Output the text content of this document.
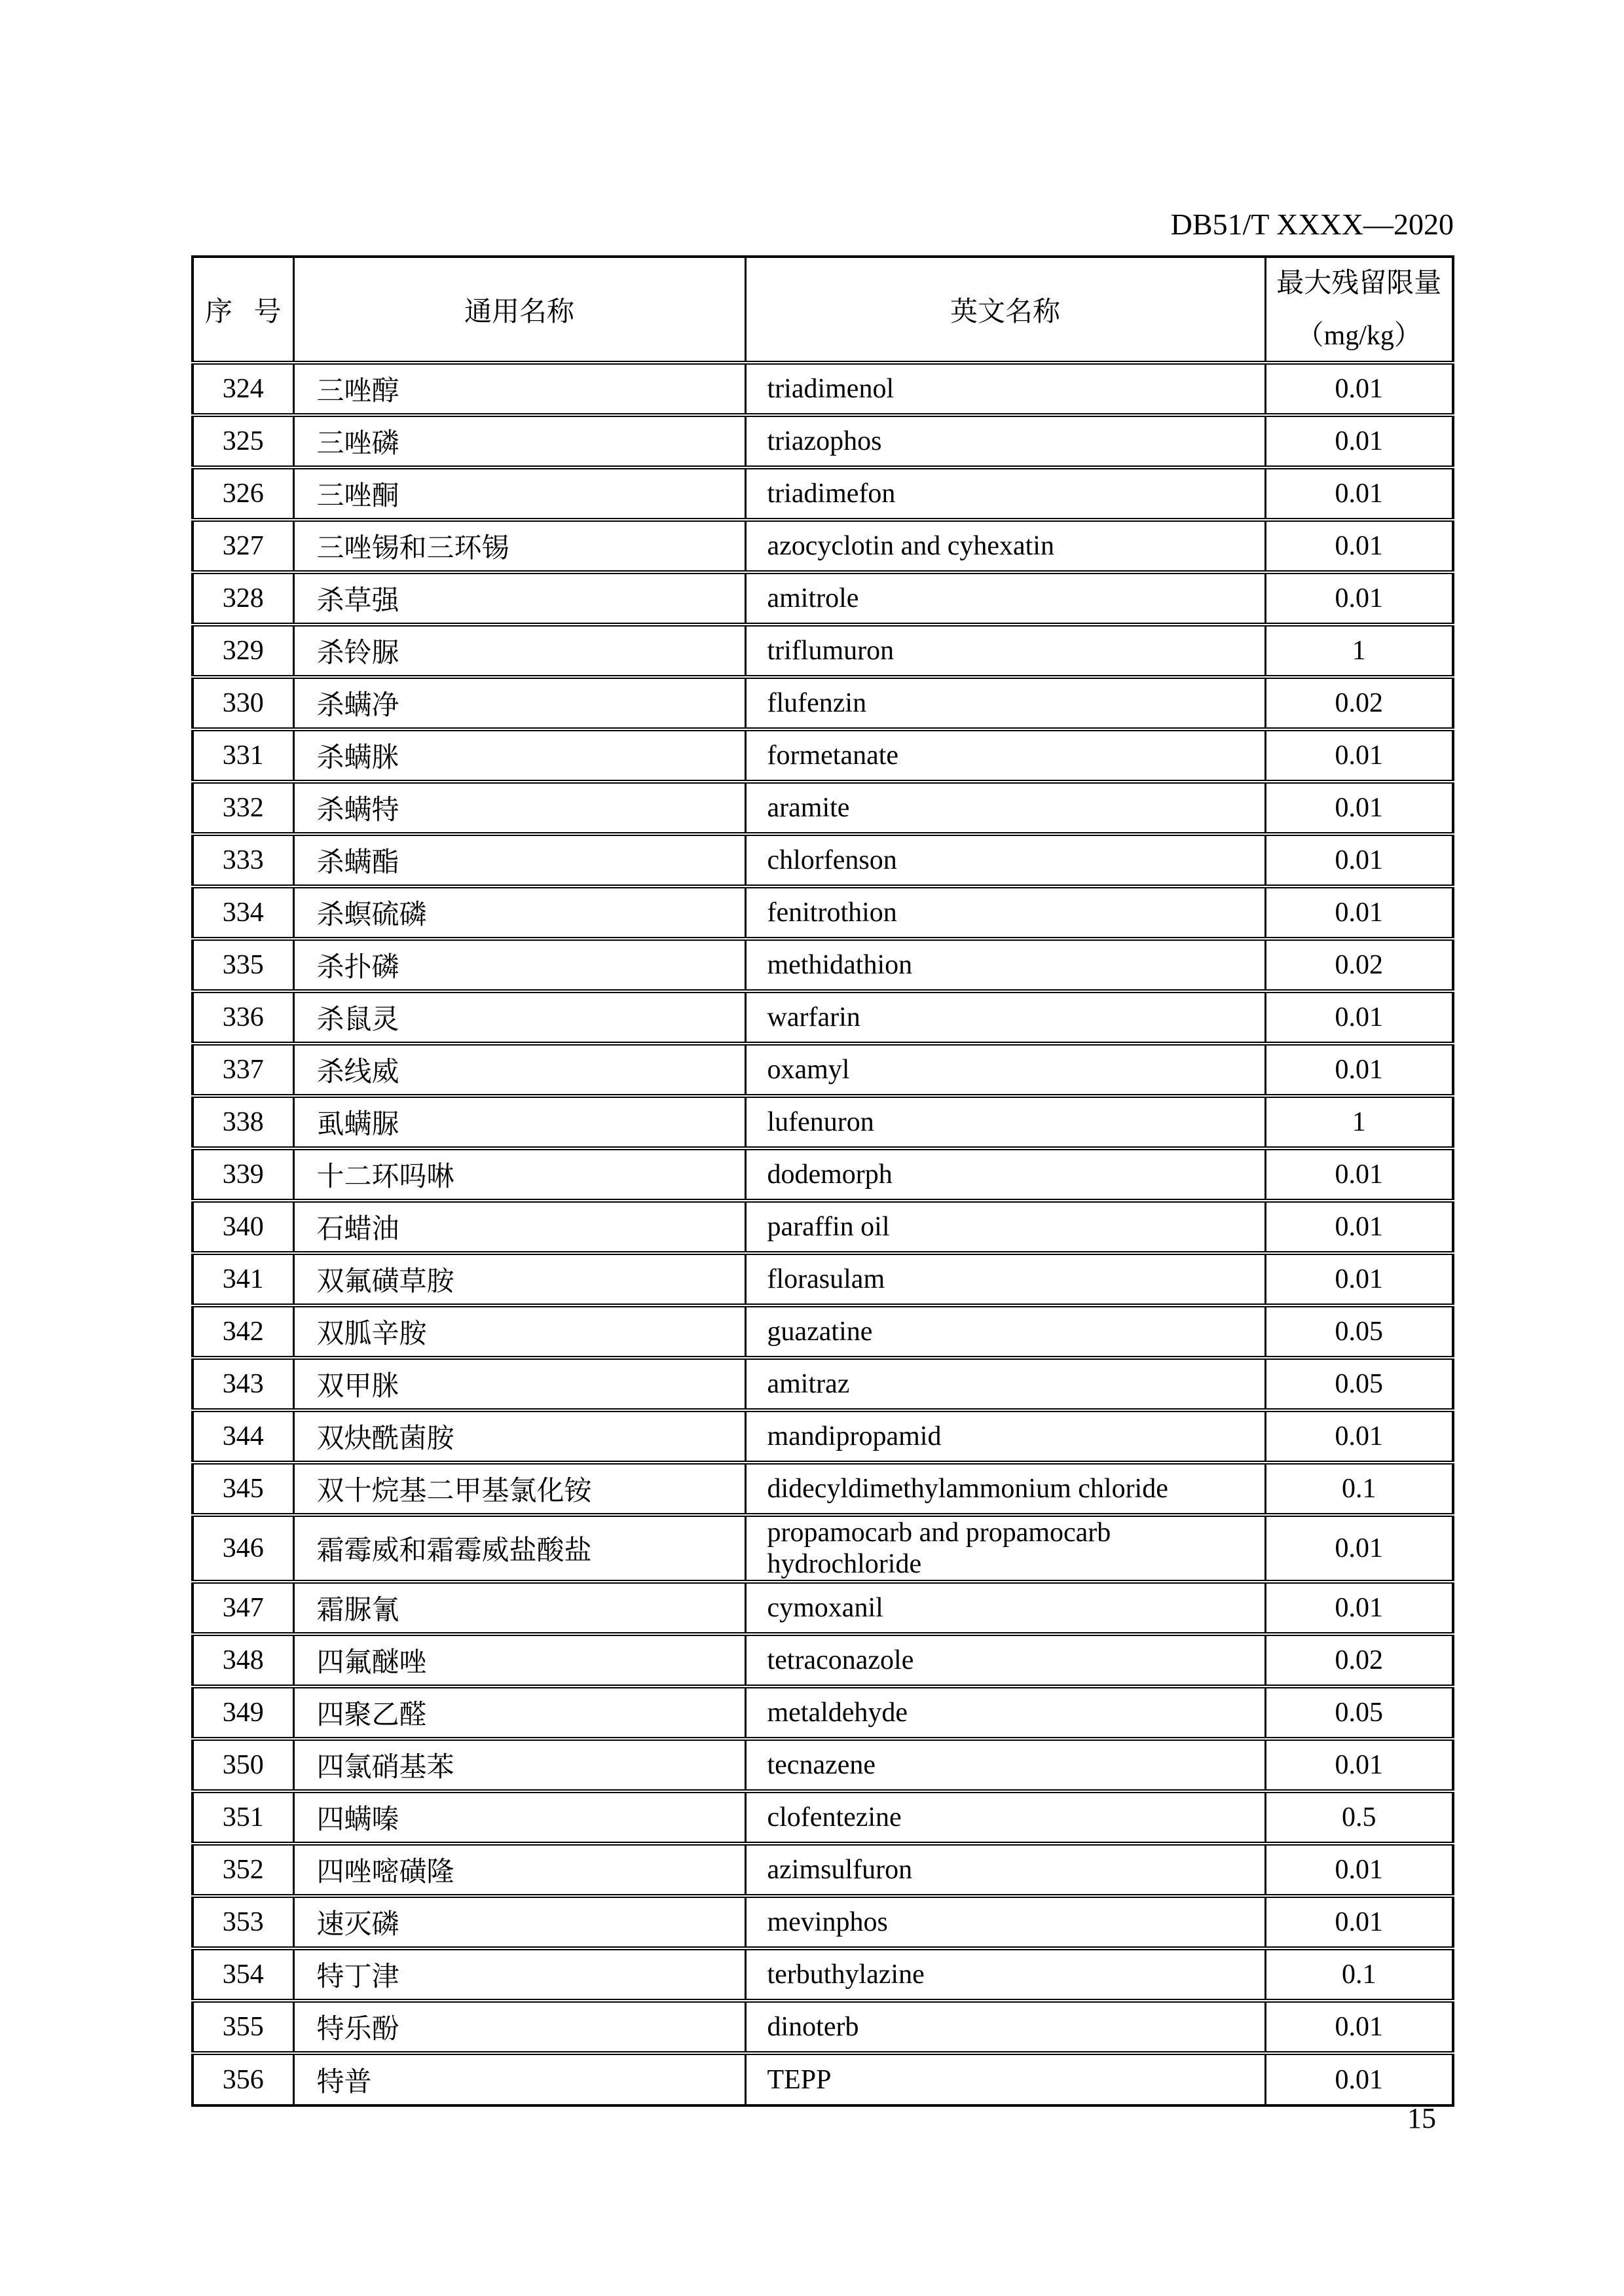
DB51/T XXXX—2020
序 号	通用名称	英文名称	最大残留限量
（mg/kg）

324	三唑醇	triadimenol	0.01
325	三唑磷	triazophos	0.01
326	三唑酮	triadimefon	0.01
327	三唑锡和三环锡	azocyclotin and cyhexatin	0.01
328	杀草强	amitrole	0.01
329	杀铃脲	triflumuron	1
330	杀螨净	flufenzin	0.02
331	杀螨脒	formetanate	0.01
332	杀螨特	aramite	0.01
333	杀螨酯	chlorfenson	0.01
334	杀螟硫磷	fenitrothion	0.01
335	杀扑磷	methidathion	0.02
336	杀鼠灵	warfarin	0.01
337	杀线威	oxamyl	0.01
338	虱螨脲	lufenuron	1
339	十二环吗啉	dodemorph	0.01
340	石蜡油	paraffin oil	0.01
341	双氟磺草胺	florasulam	0.01
342	双胍辛胺	guazatine	0.05
343	双甲脒	amitraz	0.05
344	双炔酰菌胺	mandipropamid	0.01
345	双十烷基二甲基氯化铵	didecyldimethylammonium chloride	0.1
346	霜霉威和霜霉威盐酸盐	propamocarb and propamocarb hydrochloride	0.01
347	霜脲氰	cymoxanil	0.01
348	四氟醚唑	tetraconazole	0.02
349	四聚乙醛	metaldehyde	0.05
350	四氯硝基苯	tecnazene	0.01
351	四螨嗪	clofentezine	0.5
352	四唑嘧磺隆	azimsulfuron	0.01
353	速灭磷	mevinphos	0.01
354	特丁津	terbuthylazine	0.1
355	特乐酚	dinoterb	0.01
356	特普	TEPP	0.01
15
